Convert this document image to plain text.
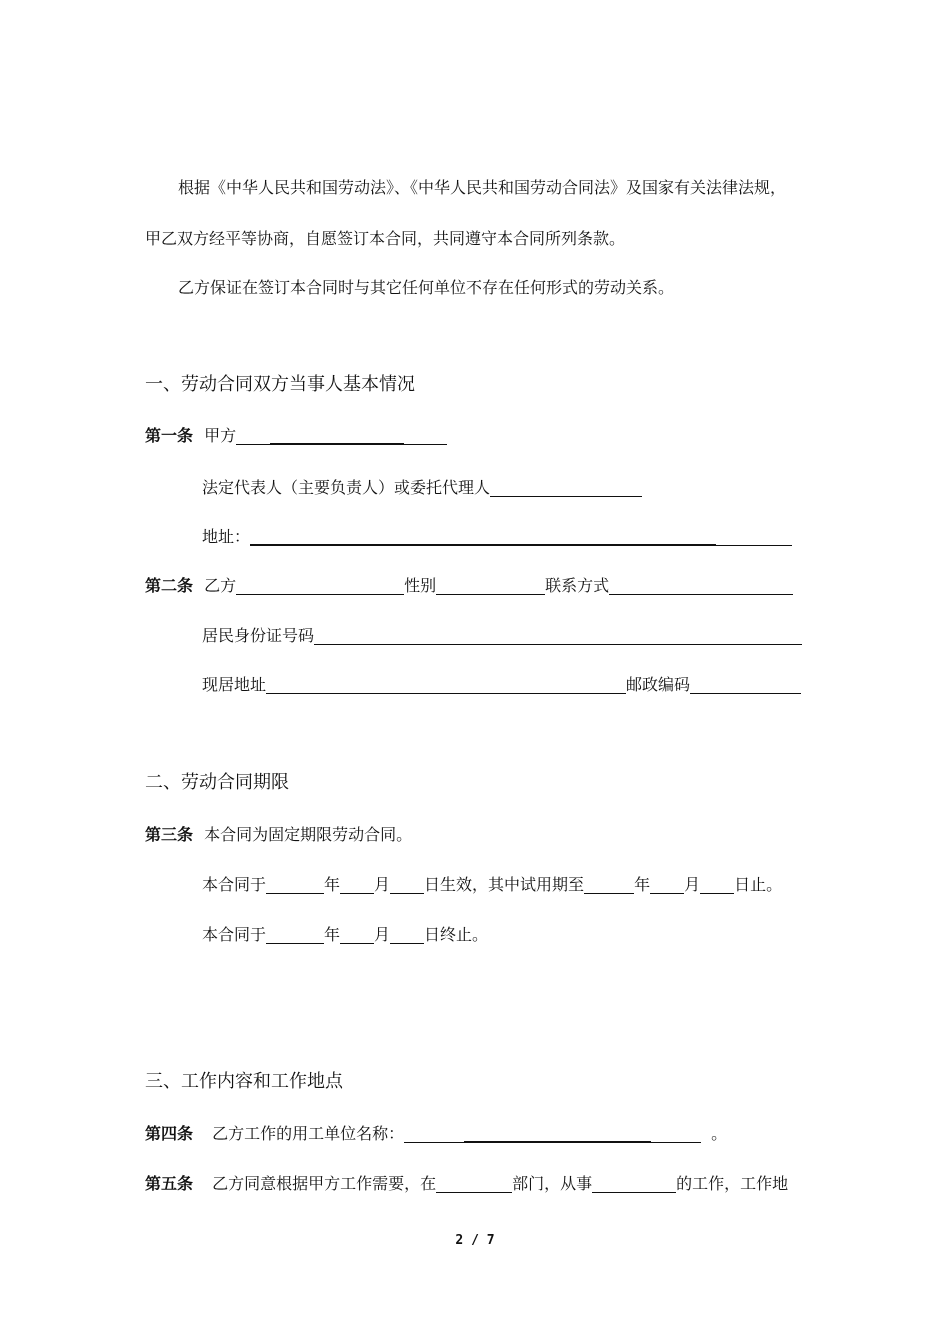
根据《中华人民共和国劳动法》、《中华人民共和国劳动合同法》及国家有关法律法规，
甲乙双方经平等协商，自愿签订本合同，共同遵守本合同所列条款。
乙方保证在签订本合同时与其它任何单位不存在任何形式的劳动关系。
一、劳动合同双方当事人基本情况
第一条 甲方
法定代表人（主要负责人）或委托代理人
地址：
第二条 乙方	性别	联系方式
居民身份证号码
现居地址	邮政编码
二、劳动合同期限
第三条 本合同为固定期限劳动合同。
本合同于	年 月 日生效，其中试用期至	年 月 日止。
本合同于	年 月 日终止。
三、工作内容和工作地点
第四条 乙方工作的用工单位名称：	。
第五条 乙方同意根据甲方工作需要，在	部门，从事	的工作，工作地
2 / 7
